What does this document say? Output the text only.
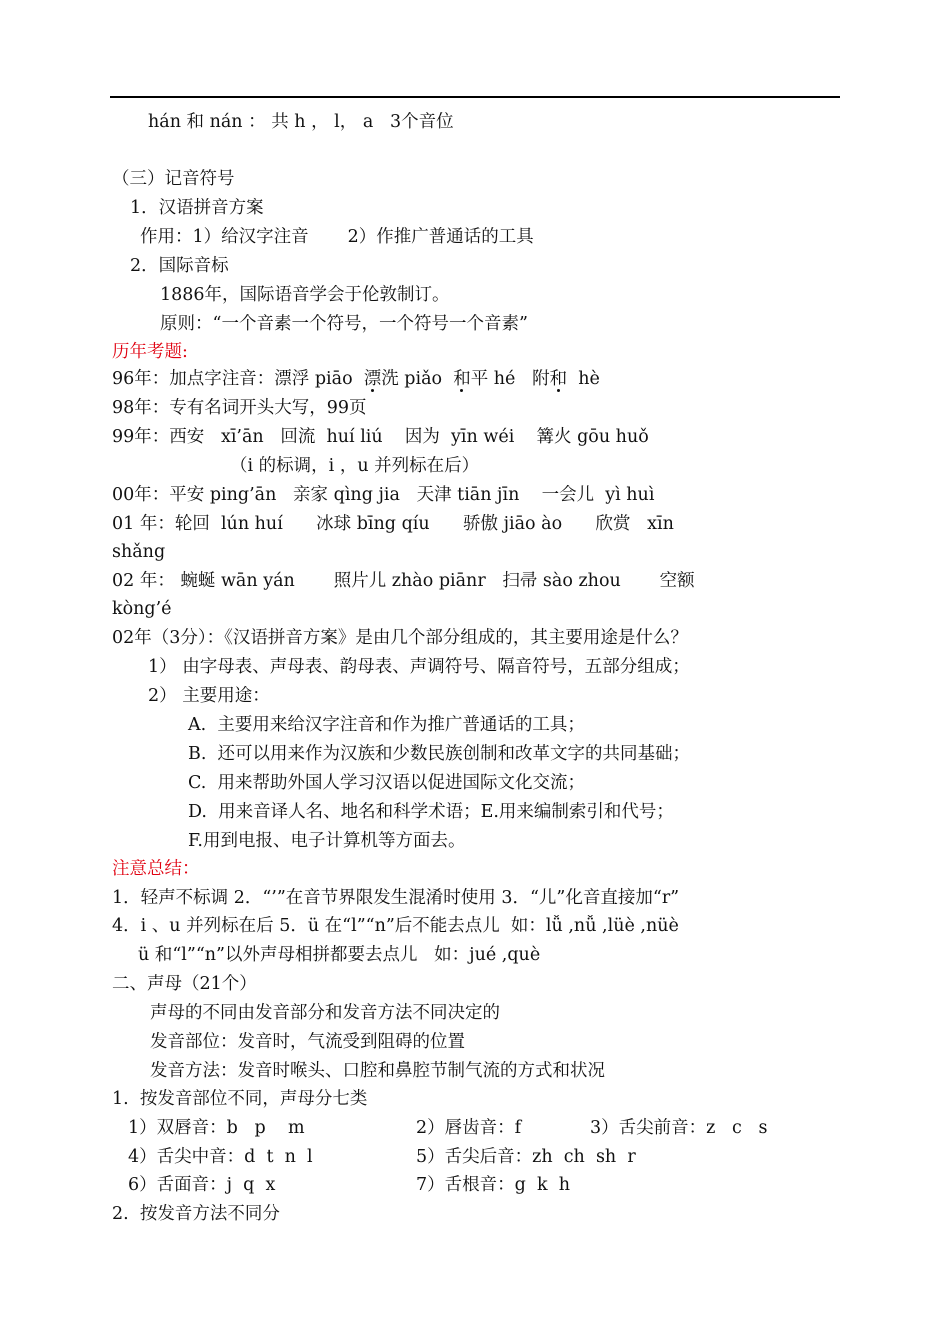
hán 和 nán ： 共 h ， l， a   3个音位
（三）记音符号
1．汉语拼音方案
作用：1）给汉字注音       2）作推广普通话的工具
2．国际音标
1886年，国际语音学会于伦敦制订。
原则：“一个音素一个符号，一个符号一个音素”
历年考题:
96年：加点字注音：漂浮 piāo  漂洗 piǎo  和平 hé   附和  hè
98年：专有名词开头大写，99页
99年：西安   xī’ān   回流  huí liú    因为  yīn wéi    篝火 gōu huǒ
（i 的标调，i ，u 并列标在后）
00年：平安 ping’ān   亲家 qìng jia   天津 tiān jīn    一会儿  yì huì
01 年：轮回  lún huí      冰球 bīng qíu      骄傲 jiāo ào      欣赏   xīn
shǎng
02 年： 蜿蜒 wān yán       照片儿 zhào piānr   扫帚 sào zhou       空额
kòng’é
02年（3分）：《汉语拼音方案》是由几个部分组成的，其主要用途是什么？
1） 由字母表、声母表、韵母表、声调符号、隔音符号，五部分组成；
2） 主要用途：
A.  主要用来给汉字注音和作为推广普通话的工具；
B.  还可以用来作为汉族和少数民族创制和改革文字的共同基础；
C.  用来帮助外国人学习汉语以促进国际文化交流；
D.  用来音译人名、地名和科学术语；E.用来编制索引和代号；
F.用到电报、电子计算机等方面去。
注意总结：
1．轻声不标调 2．“’”在音节界限发生混淆时使用 3．“儿”化音直接加“r”
4．i 、u 并列标在后 5．ü 在“l”“n”后不能去点儿  如：lǚ ,nǚ ,lüè ,nüè
ü 和“l”“n”以外声母相拼都要去点儿   如：jué ,què
二、声母（21个）
声母的不同由发音部分和发音方法不同决定的
发音部位：发音时，气流受到阻碍的位置
发音方法：发音时喉头、口腔和鼻腔节制气流的方式和状况
1.  按发音部位不同，声母分七类
1）双唇音：b   p    m	2）唇齿音：f	3）舌尖前音：z   c   s
4）舌尖中音：d  t  n  l	5）舌尖后音：zh  ch  sh  r
6）舌面音：j  q  x	7）舌根音：g  k  h
2.  按发音方法不同分
